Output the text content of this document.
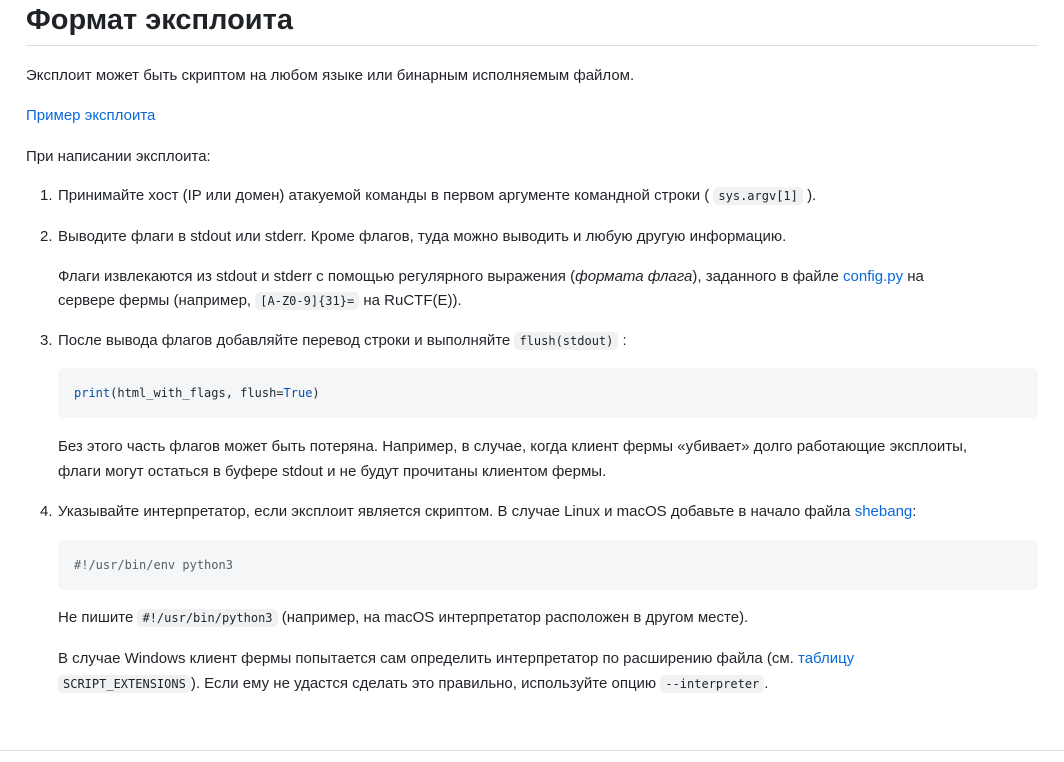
Формат эксплоита

Эксплоит может быть скриптом на любом языке или бинарным исполняемым файлом.

Пример эксплоита

При написании эксплоита:

1. Принимайте хост (IP или домен) атакуемой команды в первом аргументе командной строки ( sys.argv[1] ).
2. Выводите флаги в stdout или stderr. Кроме флагов, туда можно выводить и любую другую информацию.
Флаги извлекаются из stdout и stderr с помощью регулярного выражения (формата флага), заданного в файле config.py на
сервере фермы (например, [A-Z0-9]{31}= на RuCTF(E)).
3. После вывода флагов добавляйте перевод строки и выполняйте flush(stdout) :
print(html_with_flags, flush=True)
Без этого часть флагов может быть потеряна. Например, в случае, когда клиент фермы «убивает» долго работающие эксплоиты,
флаги могут остаться в буфере stdout и не будут прочитаны клиентом фермы.
4. Указывайте интерпретатор, если эксплоит является скриптом. В случае Linux и macOS добавьте в начало файла shebang:
#!/usr/bin/env python3
Не пишите #!/usr/bin/python3 (например, на macOS интерпретатор расположен в другом месте).
В случае Windows клиент фермы попытается сам определить интерпретатор по расширению файла (см. таблицу
SCRIPT_EXTENSIONS ). Если ему не удастся сделать это правильно, используйте опцию --interpreter .
